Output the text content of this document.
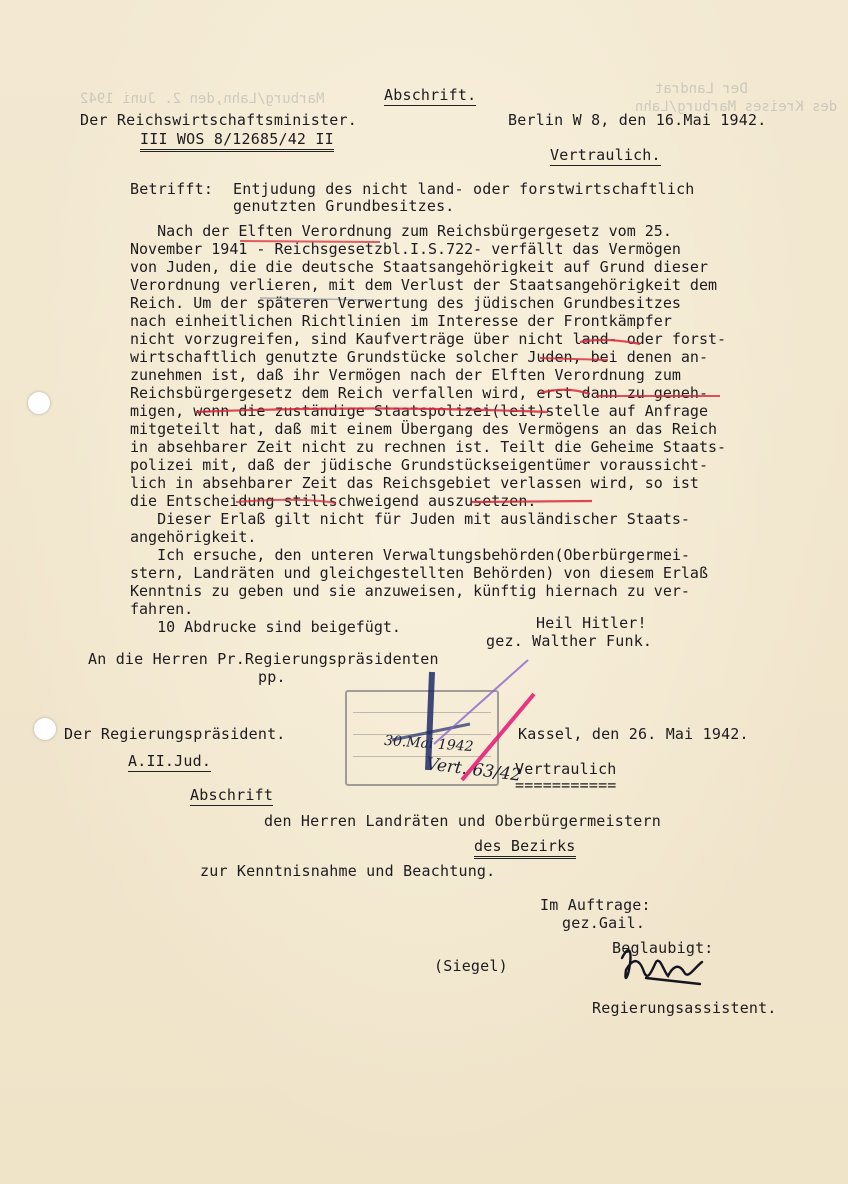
Marburg/Lahn,den 2. Juni 1942

Der Landrat

des Kreises Marburg/Lahn

Abschrift.
Der Reichswirtschaftsminister.	Berlin W 8, den 16.Mai 1942.
III WOS 8/12685/42 II
Vertraulich.
Betrifft: Entjudung des nicht land- oder forstwirtschaftlich
genutzten Grundbesitzes.
Nach der Elften Verordnung zum Reichsbürgergesetz vom 25.
November 1941 - Reichsgesetzbl.I.S.722- verfällt das Vermögen
von Juden, die die deutsche Staatsangehörigkeit auf Grund dieser
Verordnung verlieren, mit dem Verlust der Staatsangehörigkeit dem
Reich. Um der späteren Verwertung des jüdischen Grundbesitzes
nach einheitlichen Richtlinien im Interesse der Frontkämpfer
nicht vorzugreifen, sind Kaufverträge über nicht land- oder forst-
wirtschaftlich genutzte Grundstücke solcher Juden, bei denen an-
zunehmen ist, daß ihr Vermögen nach der Elften Verordnung zum
Reichsbürgergesetz dem Reich verfallen wird, erst dann zu geneh-
migen, wenn die zuständige Staatspolizei(leit)stelle auf Anfrage
mitgeteilt hat, daß mit einem Übergang des Vermögens an das Reich
in absehbarer Zeit nicht zu rechnen ist. Teilt die Geheime Staats-
polizei mit, daß der jüdische Grundstückseigentümer voraussicht-
lich in absehbarer Zeit das Reichsgebiet verlassen wird, so ist
die Entscheidung stillschweigend auszusetzen.
Dieser Erlaß gilt nicht für Juden mit ausländischer Staats-
angehörigkeit.
Ich ersuche, den unteren Verwaltungsbehörden(Oberbürgermei-
stern, Landräten und gleichgestellten Behörden) von diesem Erlaß
Kenntnis zu geben und sie anzuweisen, künftig hiernach zu ver-
fahren.
10 Abdrucke sind beigefügt.	Heil Hitler!
gez. Walther Funk.
An die Herren Pr.Regierungspräsidenten
pp.
30.Mai 1942
Vert. 63/42
Der Regierungspräsident.	Kassel, den 26. Mai 1942.
A.II.Jud.	Vertraulich
===========
Abschrift
den Herren Landräten und Oberbürgermeistern
des Bezirks
zur Kenntnisnahme und Beachtung.
Im Auftrage:
gez.Gail.
Beglaubigt:
(Siegel)
Regierungsassistent.
